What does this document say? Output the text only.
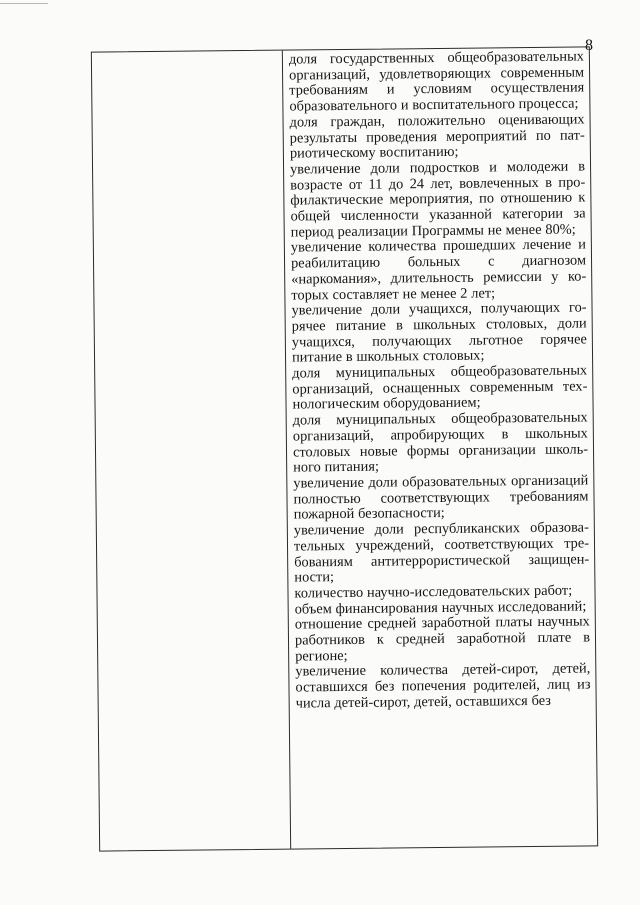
8
доля государственных общеобразовательных организаций, удовлетворяющих современным требованиям и условиям осуществления образовательного и воспитательного процесса;
доля граждан, положительно оценивающих результаты проведения мероприятий по патриотическому воспитанию;
увеличение доли подростков и молодежи в возрасте от 11 до 24 лет, вовлеченных в профилактические мероприятия, по отношению к общей численности указанной категории за период реализации Программы не менее 80%;
увеличение количества прошедших лечение и реабилитацию больных с диагнозом «наркомания», длительность ремиссии у которых составляет не менее 2 лет;
увеличение доли учащихся, получающих горячее питание в школьных столовых, доли учащихся, получающих льготное горячее питание в школьных столовых;
доля муниципальных общеобразовательных организаций, оснащенных современным технологическим оборудованием;
доля муниципальных общеобразовательных организаций, апробирующих в школьных столовых новые формы организации школьного питания;
увеличение доли образовательных организаций полностью соответствующих требованиям пожарной безопасности;
увеличение доли республиканских образовательных учреждений, соответствующих требованиям антитеррористической защищенности;
количество научно-исследовательских работ;
объем финансирования научных исследований;
отношение средней заработной платы научных работников к средней заработной плате в регионе;
увеличение количества детей-сирот, детей, оставшихся без попечения родителей, лиц из числа детей-сирот, детей, оставшихся без
